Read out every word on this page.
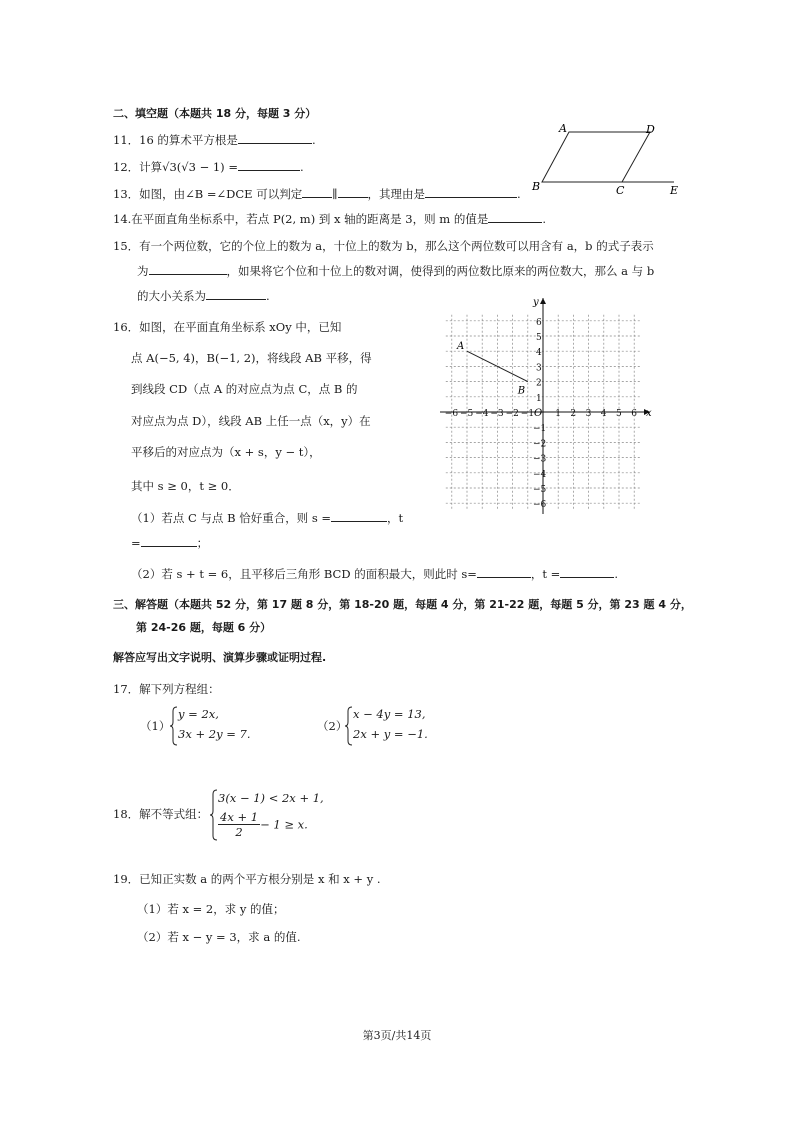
二、填空题（本题共 18 分，每题 3 分）
11．16 的算术平方根是	.
12．计算√3(√3 − 1) =	.
13．如图，由∠B =∠DCE 可以判定	∥	，其理由是	.
14.在平面直角坐标系中，若点 P(2, m) 到 x 轴的距离是 3，则 m 的值是	.
15．有一个两位数，它的个位上的数为 a，十位上的数为 b，那么这个两位数可以用含有 a，b 的式子表示
为	，如果将它个位和十位上的数对调，使得到的两位数比原来的两位数大，那么 a 与 b
的大小关系为	.
16．如图，在平面直角坐标系 xOy 中，已知
点 A(−5, 4)，B(−1, 2)，将线段 AB 平移，得
到线段 CD（点 A 的对应点为点 C，点 B 的
对应点为点 D），线段 AB 上任一点（x，y）在
平移后的对应点为（x + s，y − t），
其中 s ≥ 0，t ≥ 0．
（1）若点 C 与点 B 恰好重合，则 s =	，t
=	；
（2）若 s + t = 6，且平移后三角形 BCD 的面积最大，则此时 s=	，t =	.
三、解答题（本题共 52 分，第 17 题 8 分，第 18-20 题，每题 4 分，第 21-22 题，每题 5 分，第 23 题 4 分，
第 24-26 题，每题 6 分）
解答应写出文字说明、演算步骤或证明过程.
17．解下列方程组：
（1）
y = 2x,
3x + 2y = 7.
（2）
x − 4y = 13,
2x + y = −1.
18．解不等式组：
3(x − 1) < 2x + 1,
$\frac{4x + 1}{2} - 1 \ge x$.
19．已知正实数 a 的两个平方根分别是 x 和 x + y .
（1）若 x = 2，求 y 的值；
（2）若 x − y = 3，求 a 的值.
A	D
B	C	E
−6 −5 −4 −3 −2 −1 1 2 3 4 5 6
6
5
4
3
2
1
−1
−2
−3
−4
−5
−6
A
B
x
y
O
第3页/共14页
